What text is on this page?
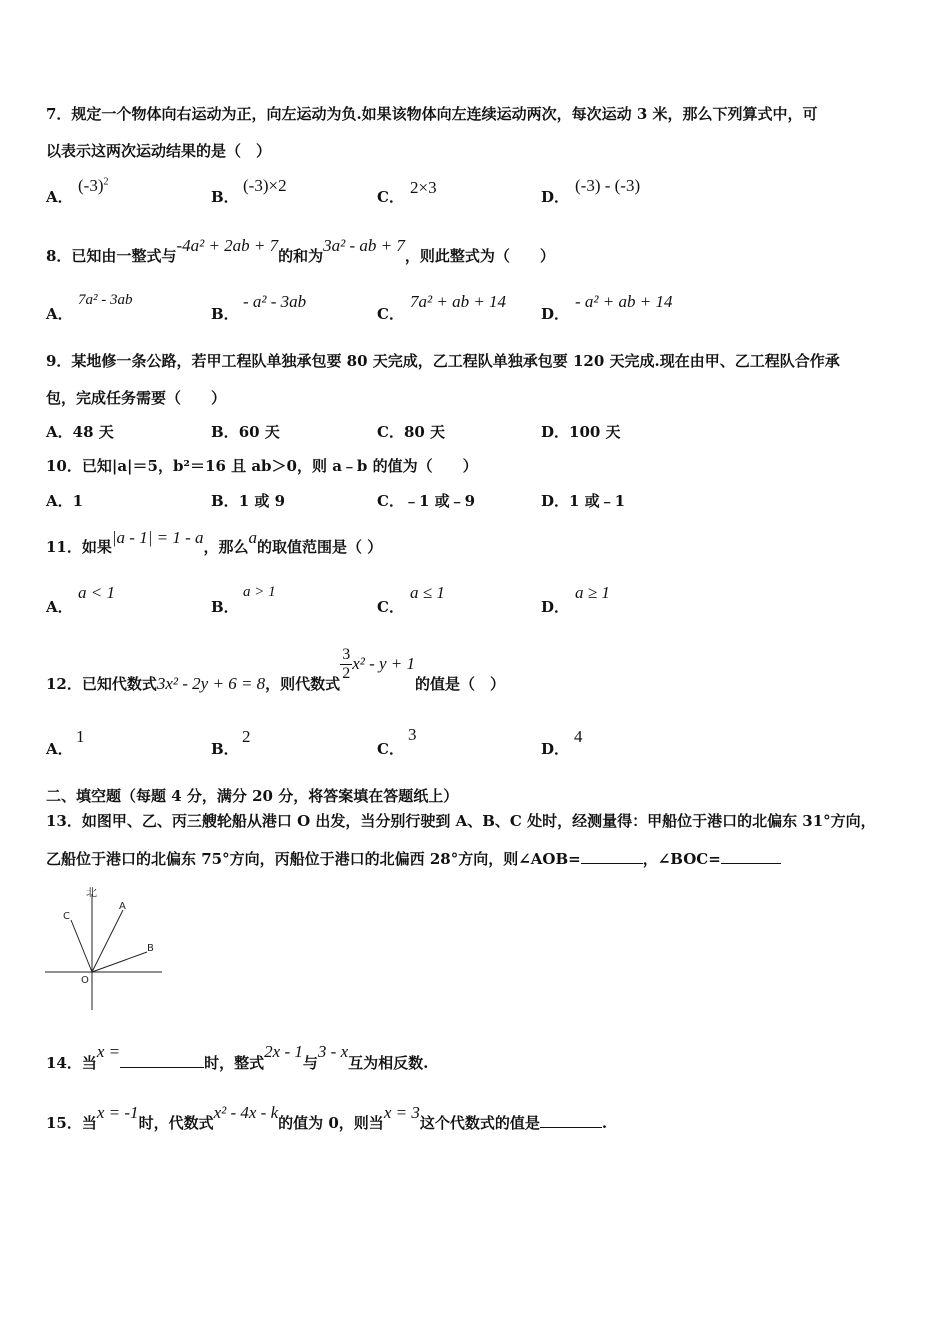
7．规定一个物体向右运动为正，向左运动为负.如果该物体向左连续运动两次，每次运动 3 米，那么下列算式中，可
以表示这两次运动结果的是（　）
A．
$(-3)^2$
B．
(-3)×2
C． 2×3	D．
(-3) - (-3)
8．已知由一整式与-4a² + 2ab + 7的和为3a² - ab + 7，则此整式为（　　）
A．
7a² - 3ab
B．
- a² - 3ab
C．
7a² + ab + 14
D．
- a² + ab + 14
9．某地修一条公路，若甲工程队单独承包要 80 天完成，乙工程队单独承包要 120 天完成.现在由甲、乙工程队合作承
包，完成任务需要（　　）
A．48 天	B．60 天	C．80 天	D．100 天
10．已知|a|＝5，b²＝16 且 ab＞0，则 a﹣b 的值为（　　）
A．1	B．1 或 9	C．﹣1 或﹣9	D．1 或﹣1
11．如果|a - 1| = 1 - a，那么a的取值范围是（ ）
A．
a < 1
B．
a > 1
C．
a ≤ 1
D．
a ≥ 1
12．已知代数式3x² - 2y + 6 = 8，则代数式
$\frac{3}{2} x^2 - y + 1$的值是（　）
A．
1
B．
2
C．
3
D．
4
二、填空题（每题 4 分，满分 20 分，将答案填在答题纸上）
13．如图甲、乙、丙三艘轮船从港口 O 出发，当分别行驶到 A、B、C 处时，经测量得：甲船位于港口的北偏东 31°方向，
乙船位于港口的北偏东 75°方向，丙船位于港口的北偏西 28°方向，则∠AOB=	，∠BOC=
北
A
B
C
O
14．当x =时，整式2x - 1与3 - x互为相反数.
15．当x = -1时，代数式x² - 4x - k的值为 0，则当x = 3这个代数式的值是	.
